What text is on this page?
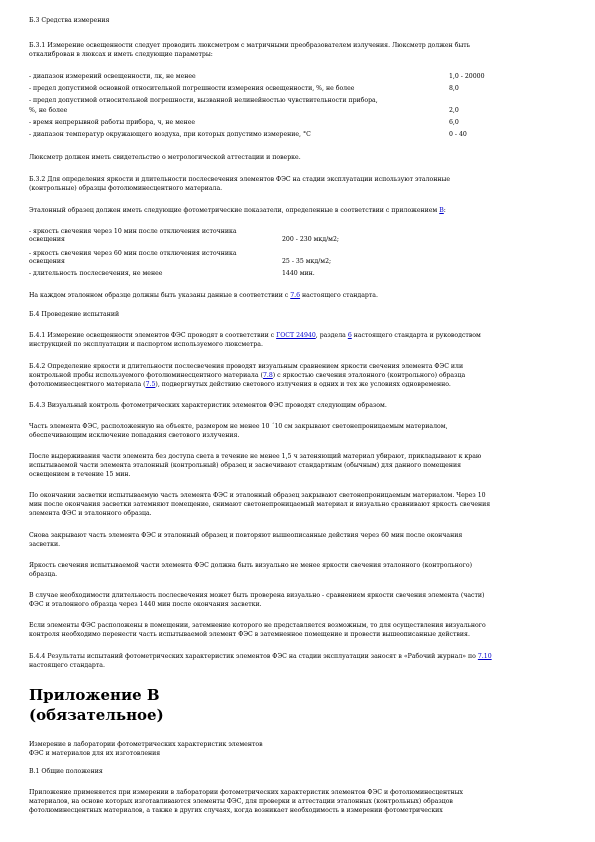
Б.3 Средства измерения

Б.3.1 Измерение освещенности следует проводить люксметром с матричными преобразователем излучения. Люксметр должен быть

откалиброван в люксах и иметь следующие параметры:

- диапазон измерений освещенности, лк, не менее	1,0 - 20000
- предел допустимой основной относительной погрешности измерения освещенности, %, не более	8,0
- предел допустимой относительной погрешности, вызванной нелинейностью чувствительности прибора,
%, не более	2,0
- время непрерывной работы прибора, ч, не менее	6,0
- диапазон температур окружающего воздуха, при которых допустимо измерение, °С	0 - 40

Люксметр должен иметь свидетельство о метрологической аттестации и поверке.

Б.3.2 Для определения яркости и длительности послесвечения элементов ФЭС на стадии эксплуатации используют эталонные

(контрольные) образцы фотолюминесцентного материала.

Эталонный образец должен иметь следующие фотометрические показатели, определенные в соответствии с приложением В:

- яркость свечения через 10 мин после отключения источника
освещения	200 - 230 мкд/м2;
- яркость свечения через 60 мин после отключения источника
освещения	25 - 35 мкд/м2;
- длительность послесвечения, не менее	1440 мин.

На каждом эталонном образце должны быть указаны данные в соответствии с 7.6 настоящего стандарта.

Б.4 Проведение испытаний

Б.4.1 Измерение освещенности элементов ФЭС проводят в соответствии с ГОСТ 24940, раздела 6 настоящего стандарта и руководством

инструкцией по эксплуатации и паспортом используемого люксметра.

Б.4.2 Определение яркости и длительности послесвечения проводят визуальным сравнением яркости свечения элемента ФЭС или

контрольной пробы используемого фотолюминесцентного материала (7.8) с яркостью свечения эталонного (контрольного) образца

фотолюминесцентного материала (7.5), подвергнутых действию светового излучения в одних и тех же условиях одновременно.

Б.4.3 Визуальный контроль фотометрических характеристик элементов ФЭС проводят следующим образом.

Часть элемента ФЭС, расположенную на объекте, размером не менее 10 ´10 см закрывают светонепроницаемым материалом,

обеспечивающим исключение попадания светового излучения.

После выдерживания части элемента без доступа света в течение не менее 1,5 ч затеняющий материал убирают, прикладывают к краю

испытываемой части элемента эталонный (контрольный) образец и засвечивают стандартным (обычным) для данного помещения

освещением в течение 15 мин.

По окончании засветки испытываемую часть элемента ФЭС и эталонный образец закрывают светонепроницаемым материалом. Через 10

мин после окончания засветки затемняют помещение, снимают светонепроницаемый материал и визуально сравнивают яркость свечения

элемента ФЭС и эталонного образца.

Снова закрывают часть элемента ФЭС и эталонный образец и повторяют вышеописанные действия через 60 мин после окончания

засветки.

Яркость свечения испытываемой части элемента ФЭС должна быть визуально не менее яркости свечения эталонного (контрольного)

образца.

В случае необходимости длительность послесвечения может быть проверена визуально - сравнением яркости свечения элемента (части)

ФЭС и эталонного образца через 1440 мин после окончания засветки.

Если элементы ФЭС расположены в помещении, затемнение которого не представляется возможным, то для осуществления визуального

контроля необходимо перенести часть испытываемой элемент ФЭС в затемненное помещение и провести вышеописанные действия.

Б.4.4 Результаты испытаний фотометрических характеристик элементов ФЭС на стадии эксплуатации заносят в «Рабочий журнал» по 7.10

настоящего стандарта.

Приложение В
(обязательное)

Измерение в лаборатории фотометрических характеристик элементов

ФЭС и материалов для их изготовления

В.1 Общие положения

Приложение применяется при измерении в лаборатории фотометрических характеристик элементов ФЭС и фотолюминесцентных

материалов, на основе которых изготавливаются элементы ФЭС, для проверки и аттестации эталонных (контрольных) образцов

фотолюминесцентных материалов, а также в других случаях, когда возникает необходимость в измерении фотометрических
